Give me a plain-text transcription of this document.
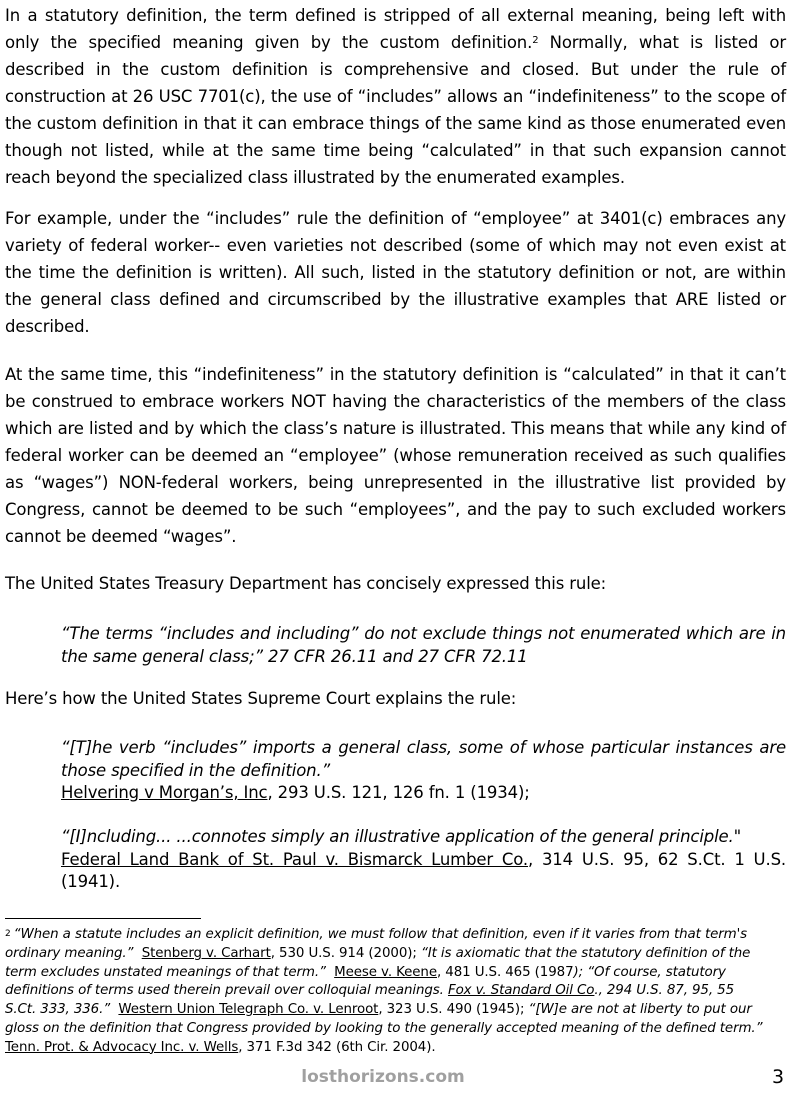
In a statutory definition, the term defined is stripped of all external meaning, being left with only the specified meaning given by the custom definition.$^2$ Normally, what is listed or described in the custom definition is comprehensive and closed. But under the rule of construction at 26 USC 7701(c), the use of “includes” allows an “indefiniteness” to the scope of the custom definition in that it can embrace things of the same kind as those enumerated even though not listed, while at the same time being “calculated” in that such expansion cannot reach beyond the specialized class illustrated by the enumerated examples.

For example, under the “includes” rule the definition of “employee” at 3401(c) embraces any variety of federal worker-- even varieties not described (some of which may not even exist at the time the definition is written). All such, listed in the statutory definition or not, are within the general class defined and circumscribed by the illustrative examples that ARE listed or described.

At the same time, this “indefiniteness” in the statutory definition is “calculated” in that it can’t be construed to embrace workers NOT having the characteristics of the members of the class which are listed and by which the class’s nature is illustrated. This means that while any kind of federal worker can be deemed an “employee” (whose remuneration received as such qualifies as “wages”) NON-federal workers, being unrepresented in the illustrative list provided by Congress, cannot be deemed to be such “employees”, and the pay to such excluded workers cannot be deemed “wages”.

The United States Treasury Department has concisely expressed this rule:

“The terms “includes and including” do not exclude things not enumerated which are in the same general class;” 27 CFR 26.11 and 27 CFR 72.11

Here’s how the United States Supreme Court explains the rule:

“[T]he verb “includes” imports a general class, some of whose particular instances are those specified in the definition.”
Helvering v Morgan’s, Inc, 293 U.S. 121, 126 fn. 1 (1934);

“[I]ncluding... ...connotes simply an illustrative application of the general principle."
Federal Land Bank of St. Paul v. Bismarck Lumber Co., 314 U.S. 95, 62 S.Ct. 1 U.S. (1941).

$^2$ “When a statute includes an explicit definition, we must follow that definition, even if it varies from that term's ordinary meaning.” Stenberg v. Carhart, 530 U.S. 914 (2000); “It is axiomatic that the statutory definition of the term excludes unstated meanings of that term.” Meese v. Keene, 481 U.S. 465 (1987); “Of course, statutory definitions of terms used therein prevail over colloquial meanings. Fox v. Standard Oil Co., 294 U.S. 87, 95, 55 S.Ct. 333, 336.” Western Union Telegraph Co. v. Lenroot, 323 U.S. 490 (1945); “[W]e are not at liberty to put our gloss on the definition that Congress provided by looking to the generally accepted meaning of the defined term.”
Tenn. Prot. & Advocacy Inc. v. Wells, 371 F.3d 342 (6th Cir. 2004).

losthorizons.com	3
